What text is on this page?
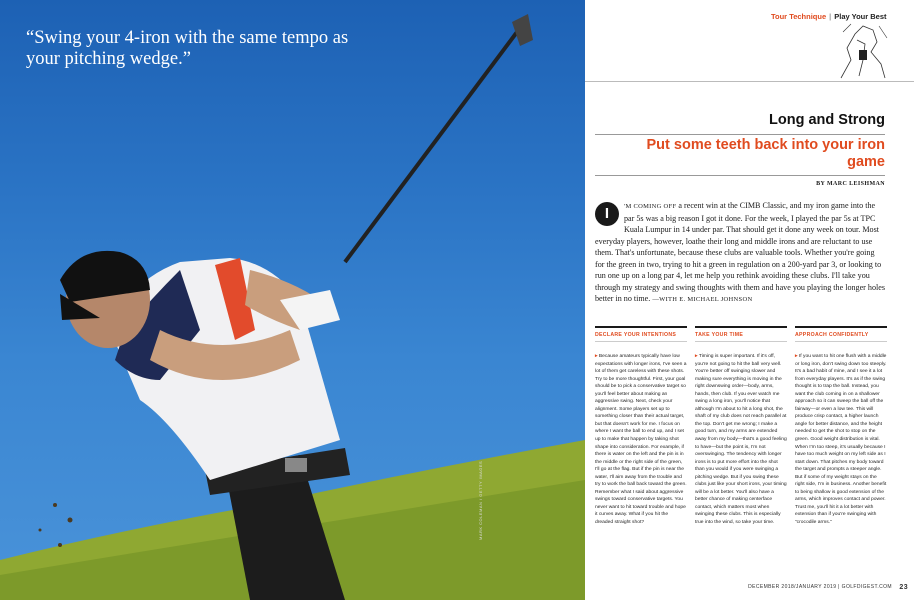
“Swing your 4-iron with the same tempo as your pitching wedge.”
MARK COLEMAN / GETTY IMAGES
Tour Technique | Play Your Best
Long and Strong
Put some teeth back into your iron game
BY MARC LEISHMAN
I	'M COMING OFF a recent win at the CIMB Classic, and my iron game into the par 5s was a big reason I got it done. For the week, I played the par 5s at TPC Kuala Lumpur in 14 under par. That should get it done any week on tour. Most everyday players, however, loathe their long and middle irons and are reluctant to use them. That's unfortunate, because these clubs are valuable tools. Whether you're going for the green in two, trying to hit a green in regulation on a 200-yard par 3, or looking to run one up on a long par 4, let me help you rethink avoiding these clubs. I'll take you through my strategy and swing thoughts with them and have you playing the longer holes better in no time. —WITH E. MICHAEL JOHNSON
DECLARE YOUR INTENTIONS
▸ Because amateurs typically have low expectations with longer irons, I've seen a lot of them get careless with these shots. Try to be more thoughtful. First, your goal should be to pick a conservative target so you'll feel better about making an aggressive swing. Next, check your alignment. Some players set up to something closer than their actual target, but that doesn't work for me. I focus on where I want the ball to end up, and I set up to make that happen by taking shot shape into consideration. For example, if there is water on the left and the pin is in the middle or the right side of the green, I'll go at the flag. But if the pin is near the water, I'll aim away from the trouble and try to work the ball back toward the green. Remember what I said about aggressive swings toward conservative targets. You never want to hit toward trouble and hope it curves away. What if you hit the dreaded straight shot?
TAKE YOUR TIME
▸ Timing is super important. If it's off, you're not going to hit the ball very well. You're better off swinging slower and making sure everything is moving in the right downswing order—body, arms, hands, then club. If you ever watch me swing a long iron, you'll notice that although I'm about to hit a long shot, the shaft of my club does not reach parallel at the top. Don't get me wrong; I make a good turn, and my arms are extended away from my body—that's a good feeling to have—but the point is, I'm not overswinging. The tendency with longer irons is to put more effort into the shot than you would if you were swinging a pitching wedge. But if you swing these clubs just like your short irons, your timing will be a lot better. You'll also have a better chance of making centerface contact, which matters most when swinging these clubs. This is especially true into the wind, so take your time.
APPROACH CONFIDENTLY
▸ If you want to hit one flush with a middle or long iron, don't swing down too steeply. It's a bad habit of mine, and I see it a lot from everyday players. It's as if the swing thought is to trap the ball. Instead, you want the club coming in on a shallower approach so it can sweep the ball off the fairway—or even a low tee. This will produce crisp contact, a higher launch angle for better distance, and the height needed to get the shot to stop on the green. Good weight distribution is vital. When I'm too steep, it's usually because I have too much weight on my left side as I start down. That pitches my body toward the target and prompts a steeper angle. But if some of my weight stays on the right side, I'm in business. Another benefit to being shallow is good extension of the arms, which improves contact and power. Trust me, you'll hit it a lot better with extension than if you're swinging with “crocodile arms.”
DECEMBER 2018/JANUARY 2019 | GOLFDIGEST.COM 23
